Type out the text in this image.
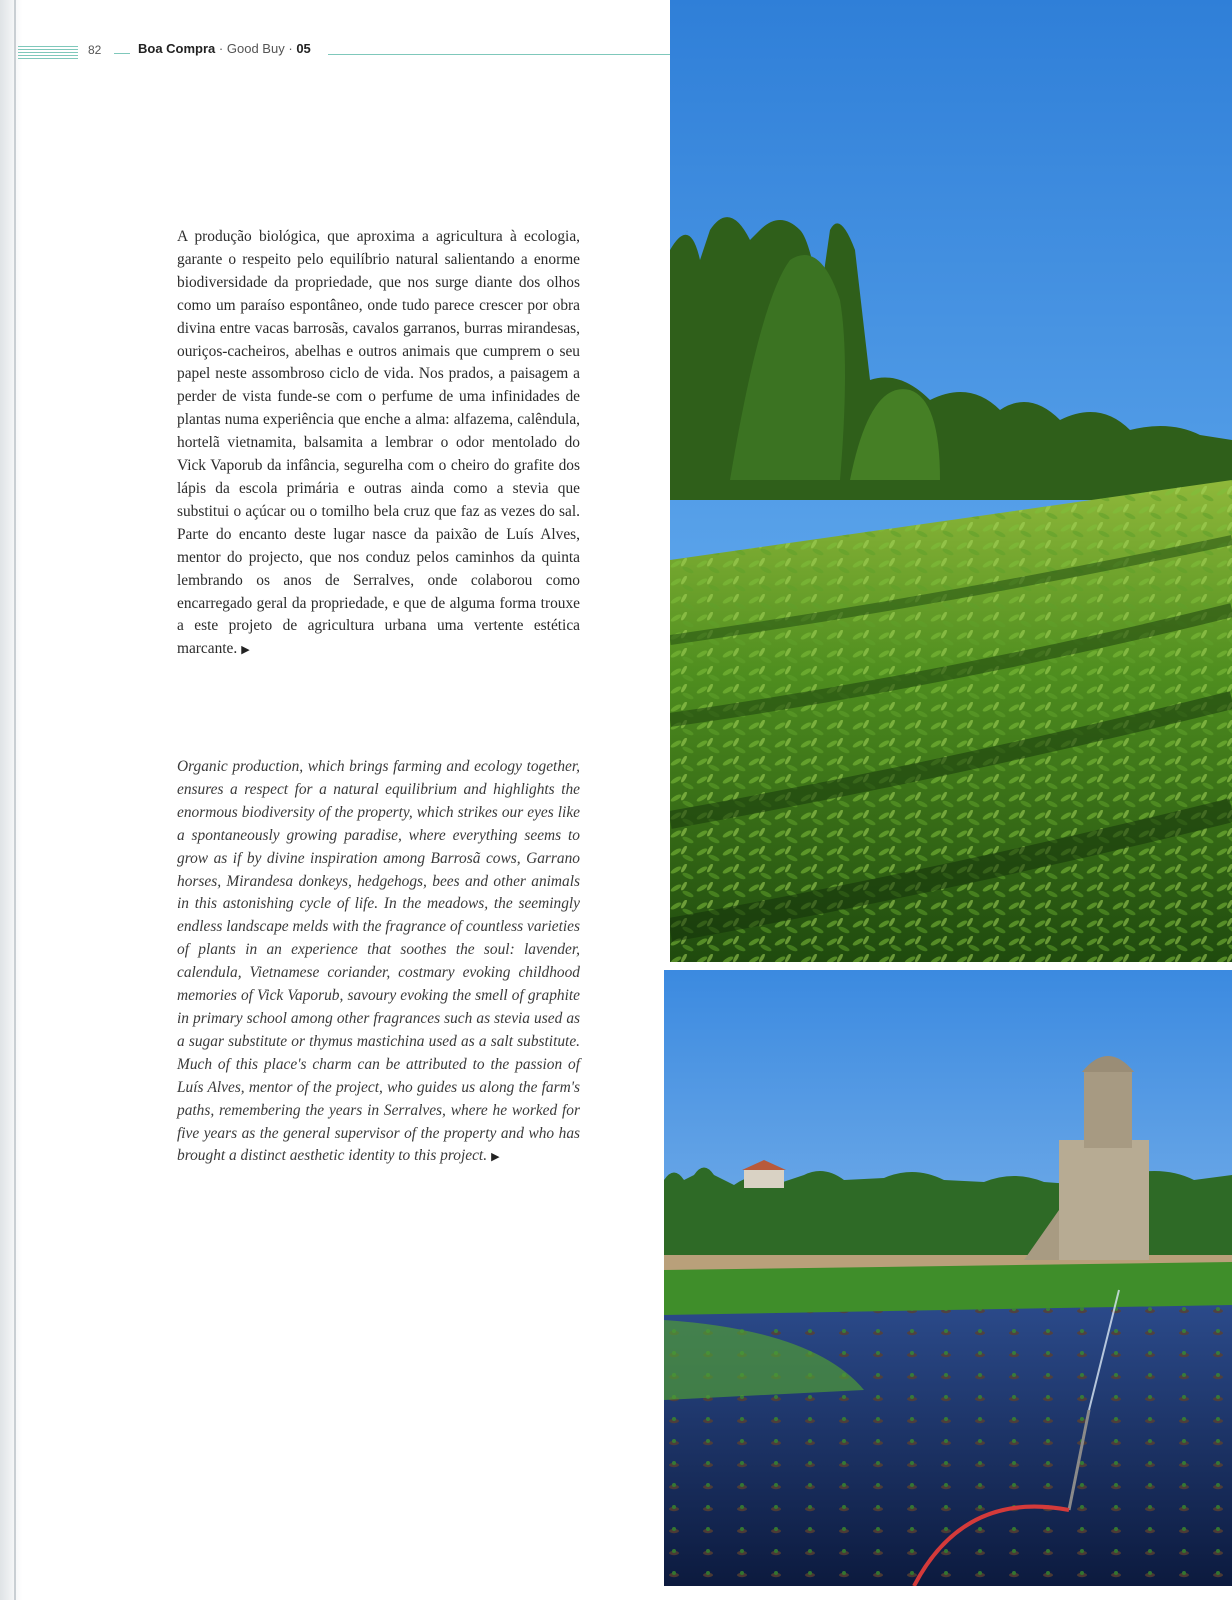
82	Boa Compra · Good Buy · 05

A produção biológica, que aproxima a agricultura à ecologia, garante o respeito pelo equilíbrio natural salientando a enorme biodiversidade da propriedade, que nos surge diante dos olhos como um paraíso espontâneo, onde tudo parece crescer por obra divina entre vacas barrosãs, cavalos garranos, burras mirandesas, ouriços-cacheiros, abelhas e outros animais que cumprem o seu papel neste assombroso ciclo de vida. Nos prados, a paisagem a perder de vista funde-se com o perfume de uma infinidades de plantas numa experiência que enche a alma: alfazema, calêndula, hortelã vietnamita, balsamita a lembrar o odor mentolado do Vick Vaporub da infância, segurelha com o cheiro do grafite dos lápis da escola primária e outras ainda como a stevia que substitui o açúcar ou o tomilho bela cruz que faz as vezes do sal. Parte do encanto deste lugar nasce da paixão de Luís Alves, mentor do projecto, que nos conduz pelos caminhos da quinta lembrando os anos de Serralves, onde colaborou como encarregado geral da propriedade, e que de alguma forma trouxe a este projeto de agricultura urbana uma vertente estética marcante. ▶

Organic production, which brings farming and ecology together, ensures a respect for a natural equilibrium and highlights the enormous biodiversity of the property, which strikes our eyes like a spontaneously growing paradise, where everything seems to grow as if by divine inspiration among Barrosã cows, Garrano horses, Mirandesa donkeys, hedgehogs, bees and other animals in this astonishing cycle of life. In the meadows, the seemingly endless landscape melds with the fragrance of countless varieties of plants in an experience that soothes the soul: lavender, calendula, Vietnamese coriander, costmary evoking childhood memories of Vick Vaporub, savoury evoking the smell of graphite in primary school among other fragrances such as stevia used as a sugar substitute or thymus mastichina used as a salt substitute. Much of this place's charm can be attributed to the passion of Luís Alves, mentor of the project, who guides us along the farm's paths, remembering the years in Serralves, where he worked for five years as the general supervisor of the property and who has brought a distinct aesthetic identity to this project. ▶
